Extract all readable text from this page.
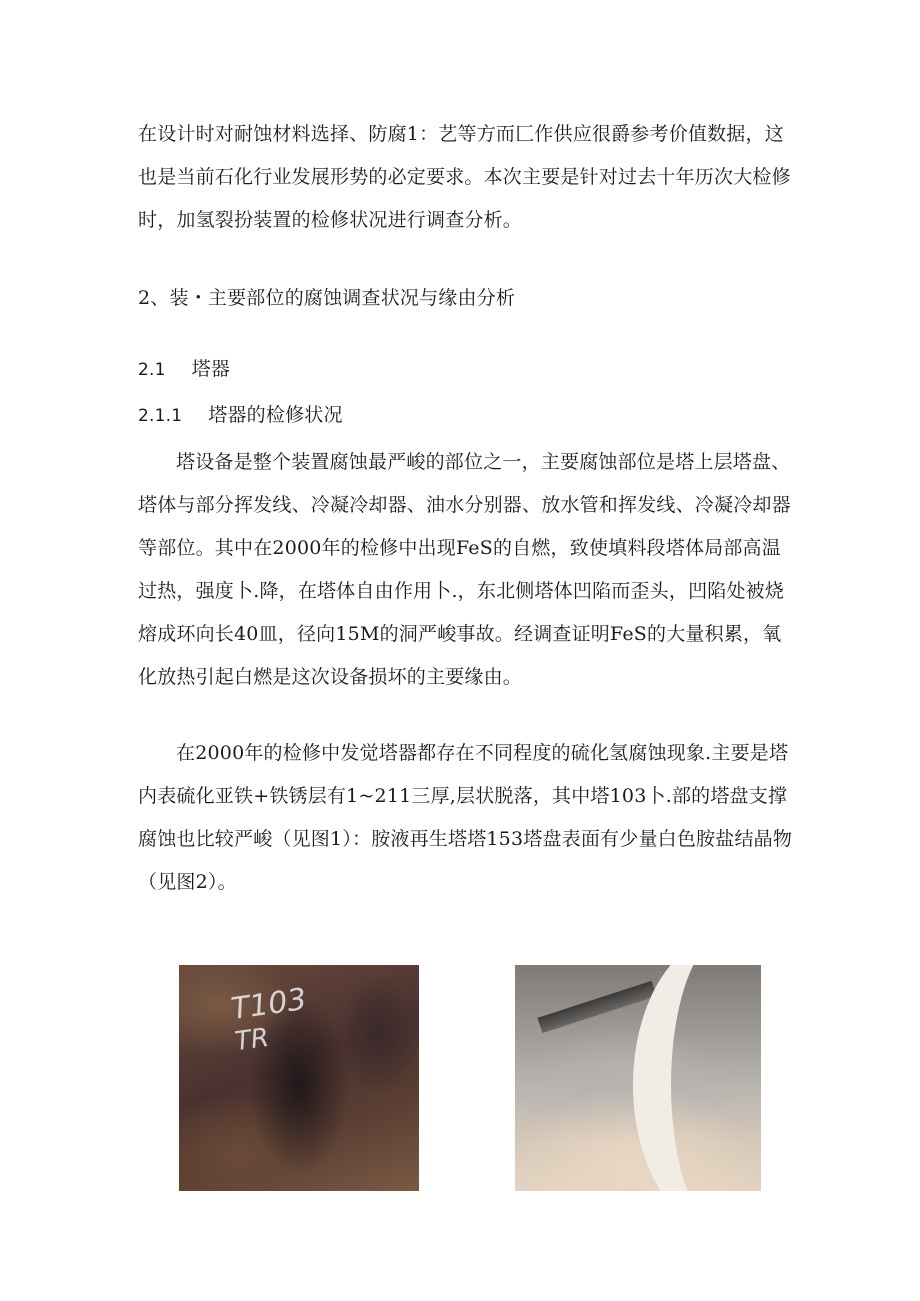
在设计时对耐蚀材料选择、防腐1：艺等方而匚作供应很爵参考价值数据，这也是当前石化行业发展形势的必定要求。本次主要是针对过去十年历次大检修时，加氢裂扮装置的检修状况进行调查分析。

2、装・主要部位的腐蚀调查状况与缘由分析

2.1 塔器

2.1.1 塔器的检修状况

塔设备是整个装置腐蚀最严峻的部位之一，主要腐蚀部位是塔上层塔盘、塔体与部分挥发线、冷凝冷却器、油水分别器、放水管和挥发线、冷凝冷却器等部位。其中在2000年的检修中出现FeS的自燃，致使填料段塔体局部高温过热，强度卜.降，在塔体自由作用卜.，东北侧塔体凹陷而歪头，凹陷处被烧熔成环向长40皿，径向15M的洞严峻事故。经调查证明FeS的大量积累，氧化放热引起白燃是这次设备损坏的主要缘由。

在2000年的检修中发觉塔器都存在不同程度的硫化氢腐蚀现象.主要是塔内表硫化亚铁+铁锈层有1~211三厚,层状脱落，其中塔103卜.部的塔盘支撑腐蚀也比较严峻（见图1）：胺液再生塔塔153塔盘表面有少量白色胺盐结晶物（见图2）。

T103
TR
